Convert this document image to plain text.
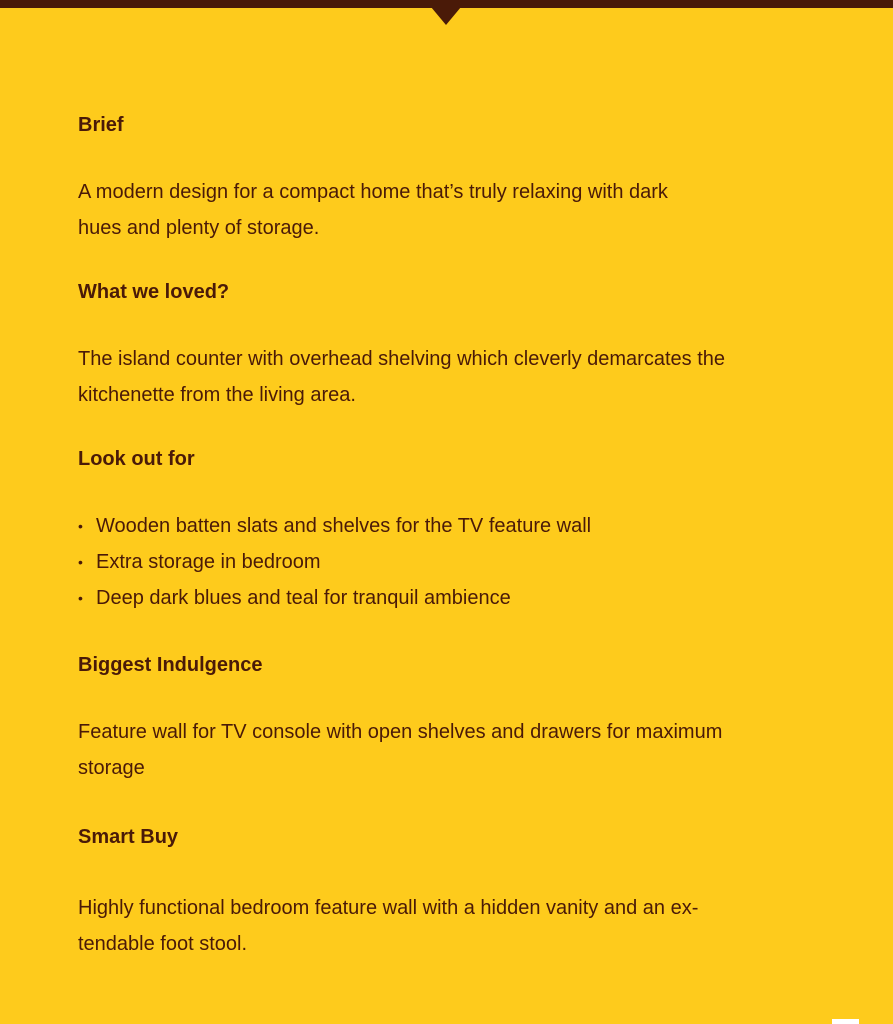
Brief
A modern design for a compact home that’s truly relaxing with dark
hues and plenty of storage.
What we loved?
The island counter with overhead shelving which cleverly demarcates the
kitchenette from the living area.
Look out for
• Wooden batten slats and shelves for the TV feature wall
• Extra storage in bedroom
• Deep dark blues and teal for tranquil ambience
Biggest Indulgence
Feature wall for TV console with open shelves and drawers for maximum
storage
Smart Buy
Highly functional bedroom feature wall with a hidden vanity and an ex-
tendable foot stool.
